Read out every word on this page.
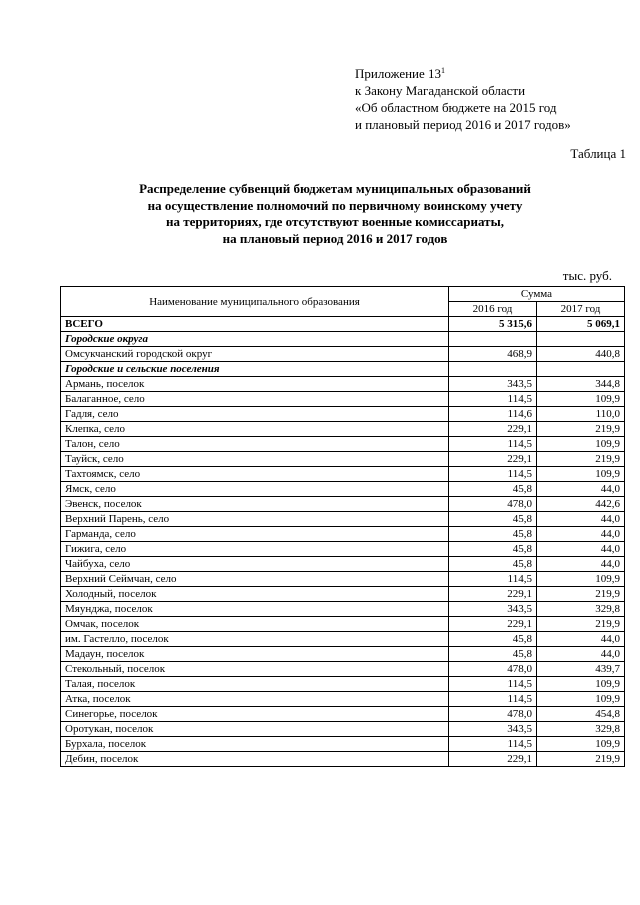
Приложение $13^1$
к Закону Магаданской области
«Об областном бюджете на 2015 год
и плановый период 2016 и 2017 годов»
Таблица 1
Распределение субвенций бюджетам муниципальных образований
на осуществление полномочий по первичному воинскому учету
на территориях, где отсутствуют военные комиссариаты,
на плановый период 2016 и 2017 годов
тыс. руб.
Наименование муниципального образования	Сумма	
	2016 год	2017 год
ВСЕГО	5 315,6	5 069,1
Городские округа		
Омсукчанский городской округ	468,9	440,8
Городские и сельские поселения		
Армань, поселок	343,5	344,8
Балаганное, село	114,5	109,9
Гадля, село	114,6	110,0
Клепка, село	229,1	219,9
Талон, село	114,5	109,9
Тауйск, село	229,1	219,9
Тахтоямск, село	114,5	109,9
Ямск, село	45,8	44,0
Эвенск, поселок	478,0	442,6
Верхний Парень, село	45,8	44,0
Гарманда, село	45,8	44,0
Гижига, село	45,8	44,0
Чайбуха, село	45,8	44,0
Верхний Сеймчан, село	114,5	109,9
Холодный, поселок	229,1	219,9
Мяунджа, поселок	343,5	329,8
Омчак, поселок	229,1	219,9
им. Гастелло, поселок	45,8	44,0
Мадаун, поселок	45,8	44,0
Стекольный, поселок	478,0	439,7
Талая, поселок	114,5	109,9
Атка, поселок	114,5	109,9
Синегорье, поселок	478,0	454,8
Оротукан, поселок	343,5	329,8
Бурхала, поселок	114,5	109,9
Дебин, поселок	229,1	219,9
